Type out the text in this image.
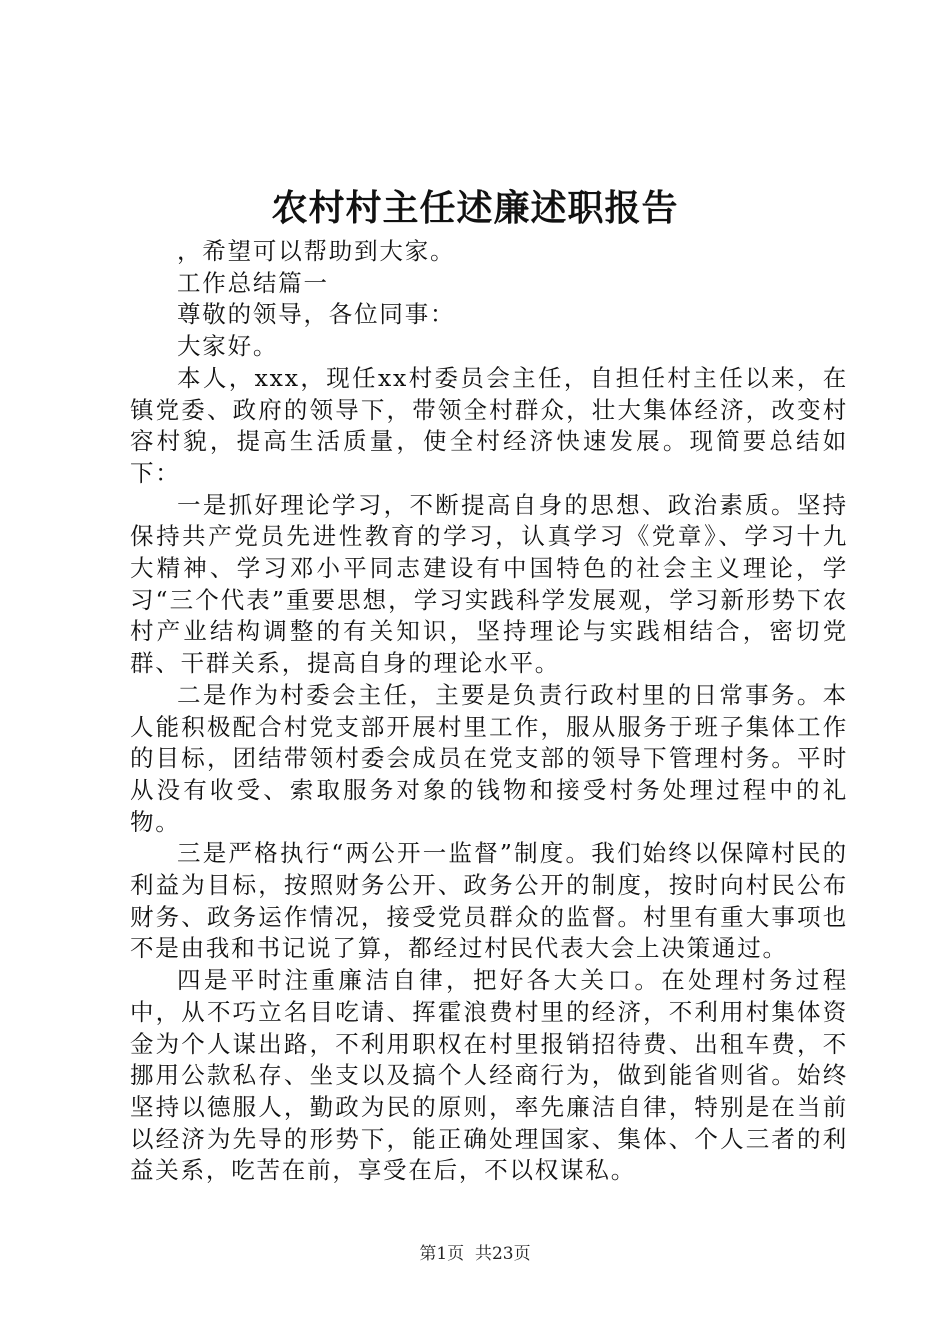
农村村主任述廉述职报告

，希望可以帮助到大家。

工作总结篇一

尊敬的领导，各位同事：

大家好。

本人，xxx，现任xx村委员会主任，自担任村主任以来，在镇党委、政府的领导下，带领全村群众，壮大集体经济，改变村容村貌，提高生活质量，使全村经济快速发展。现简要总结如下：

一是抓好理论学习，不断提高自身的思想、政治素质。坚持保持共产党员先进性教育的学习，认真学习《党章》、学习十九大精神、学习邓小平同志建设有中国特色的社会主义理论，学习“三个代表”重要思想，学习实践科学发展观，学习新形势下农村产业结构调整的有关知识，坚持理论与实践相结合，密切党群、干群关系，提高自身的理论水平。

二是作为村委会主任，主要是负责行政村里的日常事务。本人能积极配合村党支部开展村里工作，服从服务于班子集体工作的目标，团结带领村委会成员在党支部的领导下管理村务。平时从没有收受、索取服务对象的钱物和接受村务处理过程中的礼物。

三是严格执行“两公开一监督”制度。我们始终以保障村民的利益为目标，按照财务公开、政务公开的制度，按时向村民公布财务、政务运作情况，接受党员群众的监督。村里有重大事项也不是由我和书记说了算，都经过村民代表大会上决策通过。

四是平时注重廉洁自律，把好各大关口。在处理村务过程中，从不巧立名目吃请、挥霍浪费村里的经济，不利用村集体资金为个人谋出路，不利用职权在村里报销招待费、出租车费，不挪用公款私存、坐支以及搞个人经商行为，做到能省则省。始终坚持以德服人，勤政为民的原则，率先廉洁自律，特别是在当前以经济为先导的形势下，能正确处理国家、集体、个人三者的利益关系，吃苦在前，享受在后，不以权谋私。

第1页  共23页
